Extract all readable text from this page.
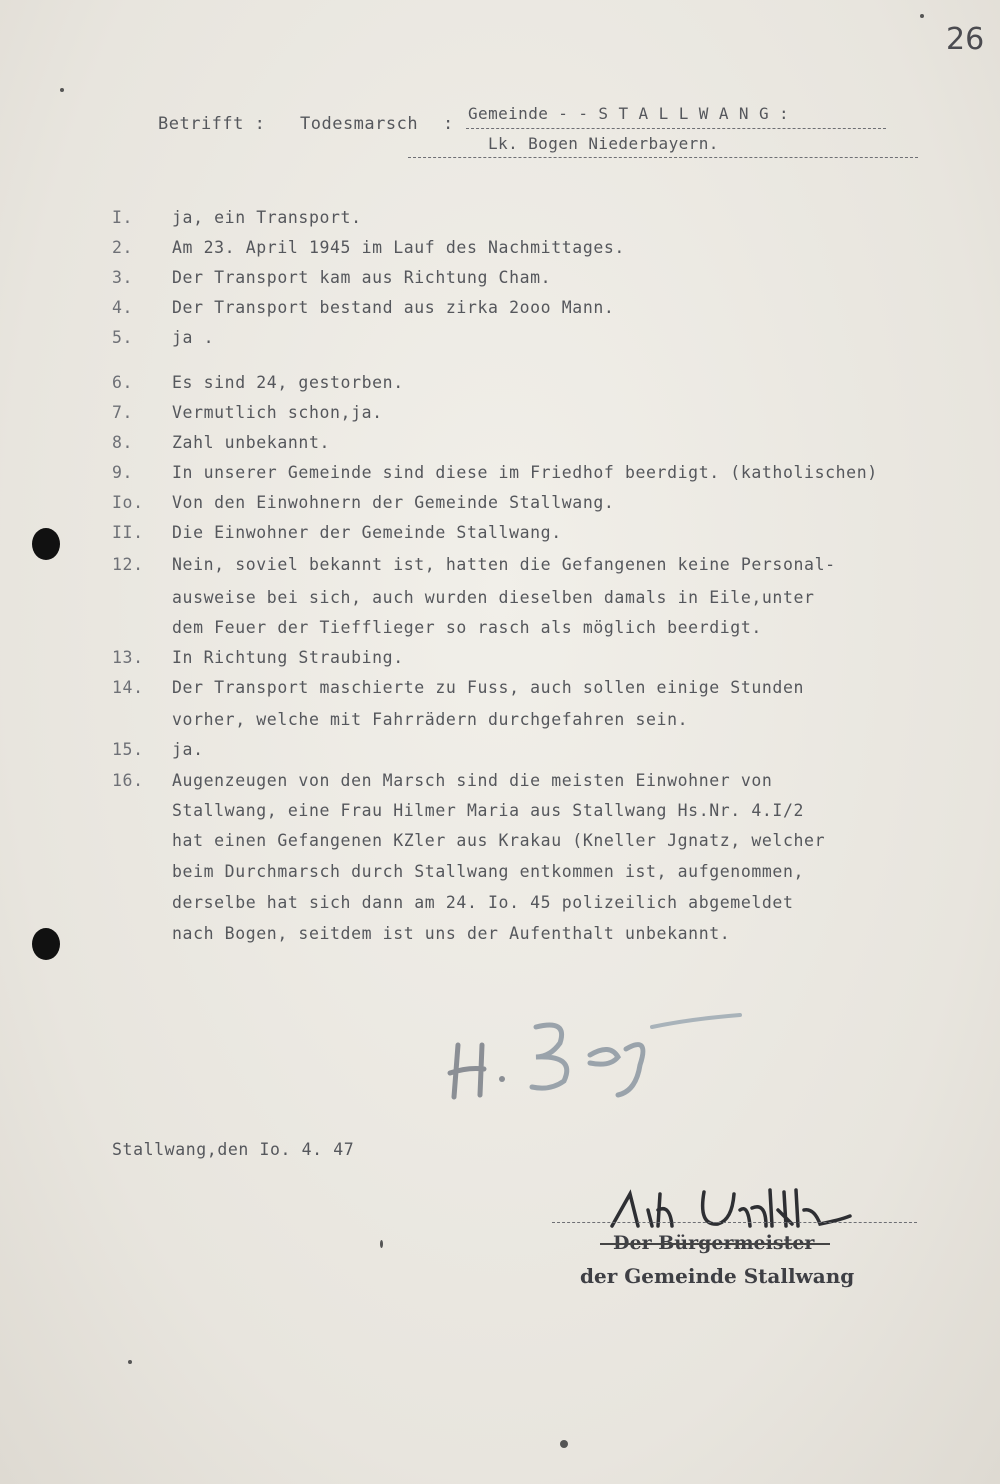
26
Betrifft : Todesmarsch :
Gemeinde - - S T A L L W A N G :
Lk. Bogen Niederbayern.
I.	ja, ein Transport.
2.	Am 23. April 1945 im Lauf des Nachmittages.
3.	Der Transport kam aus Richtung Cham.
4.	Der Transport bestand aus zirka 2ooo Mann.
5.	ja .
6.	Es sind 24, gestorben.
7.	Vermutlich schon,ja.
8.	Zahl unbekannt.
9.	In unserer Gemeinde sind diese im Friedhof beerdigt. (katholischen)
Io.	Von den Einwohnern der Gemeinde Stallwang.
II.	Die Einwohner der Gemeinde Stallwang.
12.	Nein, soviel bekannt ist, hatten die Gefangenen keine Personal-
ausweise bei sich, auch wurden dieselben damals in Eile,unter
dem Feuer der Tiefflieger so rasch als möglich beerdigt.
13.	In Richtung Straubing.
14.	Der Transport maschierte zu Fuss, auch sollen einige Stunden
vorher, welche mit Fahrrädern durchgefahren sein.
15.	ja.
16.	Augenzeugen von den Marsch sind die meisten Einwohner von
Stallwang, eine Frau Hilmer Maria aus Stallwang Hs.Nr. 4.I/2
hat einen Gefangenen KZler aus Krakau (Kneller Jgnatz, welcher
beim Durchmarsch durch Stallwang entkommen ist, aufgenommen,
derselbe hat sich dann am 24. Io. 45 polizeilich abgemeldet
nach Bogen, seitdem ist uns der Aufenthalt unbekannt.
Stallwang,den Io. 4. 47
Der Bürgermeister
der Gemeinde Stallwang
